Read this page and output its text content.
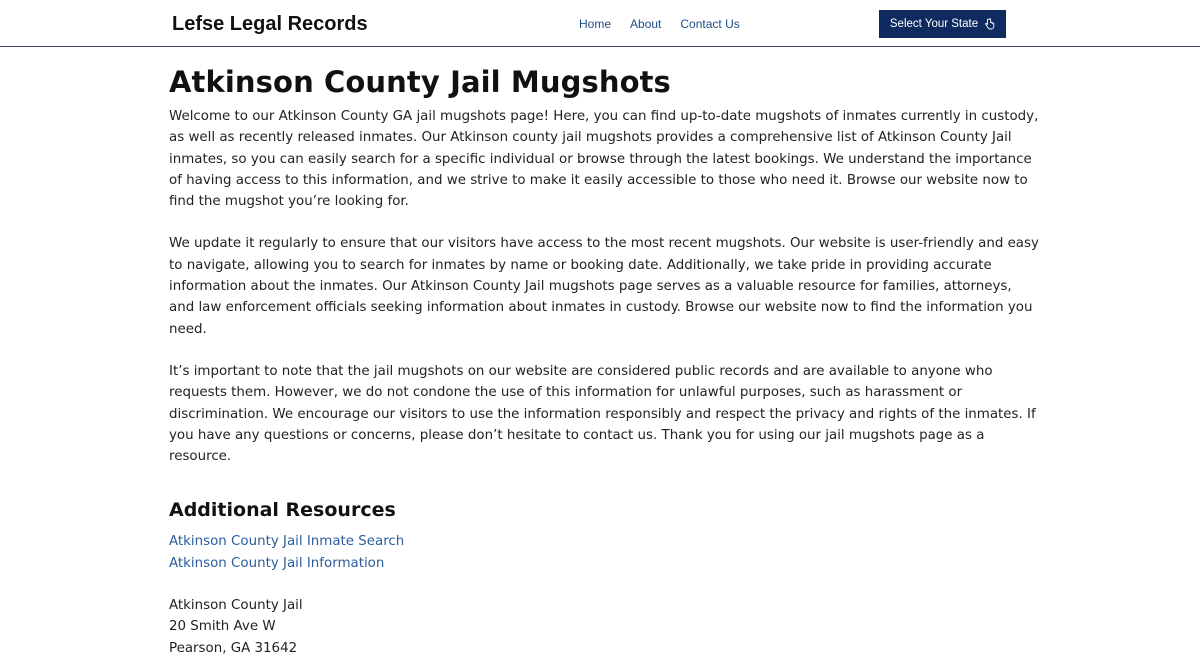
Lefse Legal Records	Home About Contact Us	Select Your State
Atkinson County Jail Mugshots

Welcome to our Atkinson County GA jail mugshots page! Here, you can find up-to-date mugshots of inmates currently in custody, as well as recently released inmates. Our Atkinson county jail mugshots provides a comprehensive list of Atkinson County Jail inmates, so you can easily search for a specific individual or browse through the latest bookings. We understand the importance of having access to this information, and we strive to make it easily accessible to those who need it. Browse our website now to find the mugshot you’re looking for.

We update it regularly to ensure that our visitors have access to the most recent mugshots. Our website is user-friendly and easy to navigate, allowing you to search for inmates by name or booking date. Additionally, we take pride in providing accurate information about the inmates. Our Atkinson County Jail mugshots page serves as a valuable resource for families, attorneys, and law enforcement officials seeking information about inmates in custody. Browse our website now to find the information you need.

It’s important to note that the jail mugshots on our website are considered public records and are available to anyone who requests them. However, we do not condone the use of this information for unlawful purposes, such as harassment or discrimination. We encourage our visitors to use the information responsibly and respect the privacy and rights of the inmates. If you have any questions or concerns, please don’t hesitate to contact us. Thank you for using our jail mugshots page as a resource.

Additional Resources
Atkinson County Jail Inmate Search
Atkinson County Jail Information
Atkinson County Jail
20 Smith Ave W
Pearson, GA 31642
